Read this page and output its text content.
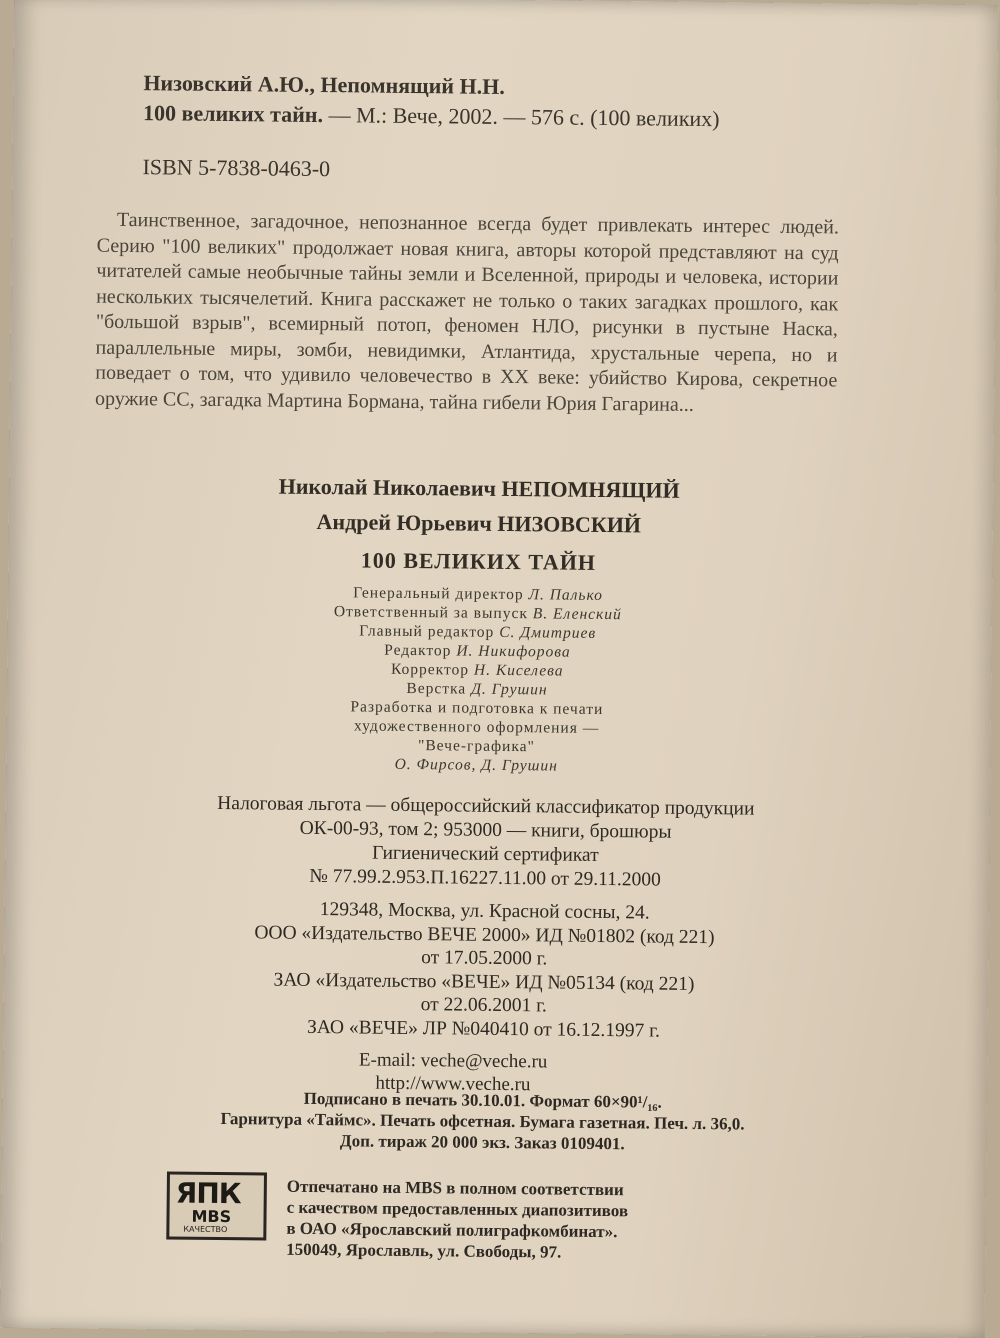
Низовский А.Ю., Непомнящий Н.Н.
100 великих тайн. — М.: Вече, 2002. — 576 с. (100 великих)
ISBN 5-7838-0463-0
Таинственное, загадочное, непознанное всегда будет привлекать интерес людей. Серию "100 великих" продолжает новая книга, авторы которой представляют на суд читателей самые необычные тайны земли и Вселенной, природы и человека, истории нескольких тысячелетий. Книга расскажет не только о таких загадках прошлого, как "большой взрыв", всемирный потоп, феномен НЛО, рисунки в пустыне Наска, параллельные миры, зомби, невидимки, Атлантида, хрустальные черепа, но и поведает о том, что удивило человечество в XX веке: убийство Кирова, секретное оружие СС, загадка Мартина Бормана, тайна гибели Юрия Гагарина...
Николай Николаевич НЕПОМНЯЩИЙ
Андрей Юрьевич НИЗОВСКИЙ
100 ВЕЛИКИХ ТАЙН
Генеральный директор Л. Палько
Ответственный за выпуск В. Еленский
Главный редактор С. Дмитриев
Редактор И. Никифорова
Корректор Н. Киселева
Верстка Д. Грушин
Разработка и подготовка к печати
художественного оформления —
"Вече-графика"
О. Фирсов, Д. Грушин
Налоговая льгота — общероссийский классификатор продукции
ОК-00-93, том 2; 953000 — книги, брошюры
Гигиенический сертификат
№ 77.99.2.953.П.16227.11.00 от 29.11.2000
129348, Москва, ул. Красной сосны, 24.
ООО «Издательство ВЕЧЕ 2000» ИД №01802 (код 221)
от 17.05.2000 г.
ЗАО «Издательство «ВЕЧЕ» ИД №05134 (код 221)
от 22.06.2001 г.
ЗАО «ВЕЧЕ» ЛР №040410 от 16.12.1997 г.
E-mail: veche@veche.ru
http://www.veche.ru
Подписано в печать 30.10.01. Формат 60×90¹/₁₆.
Гарнитура «Таймс». Печать офсетная. Бумага газетная. Печ. л. 36,0.
Доп. тираж 20 000 экз. Заказ 0109401.
ЯПК
MBS
КАЧЕСТВО
Отпечатано на MBS в полном соответствии
с качеством предоставленных диапозитивов
в ОАО «Ярославский полиграфкомбинат».
150049, Ярославль, ул. Свободы, 97.
